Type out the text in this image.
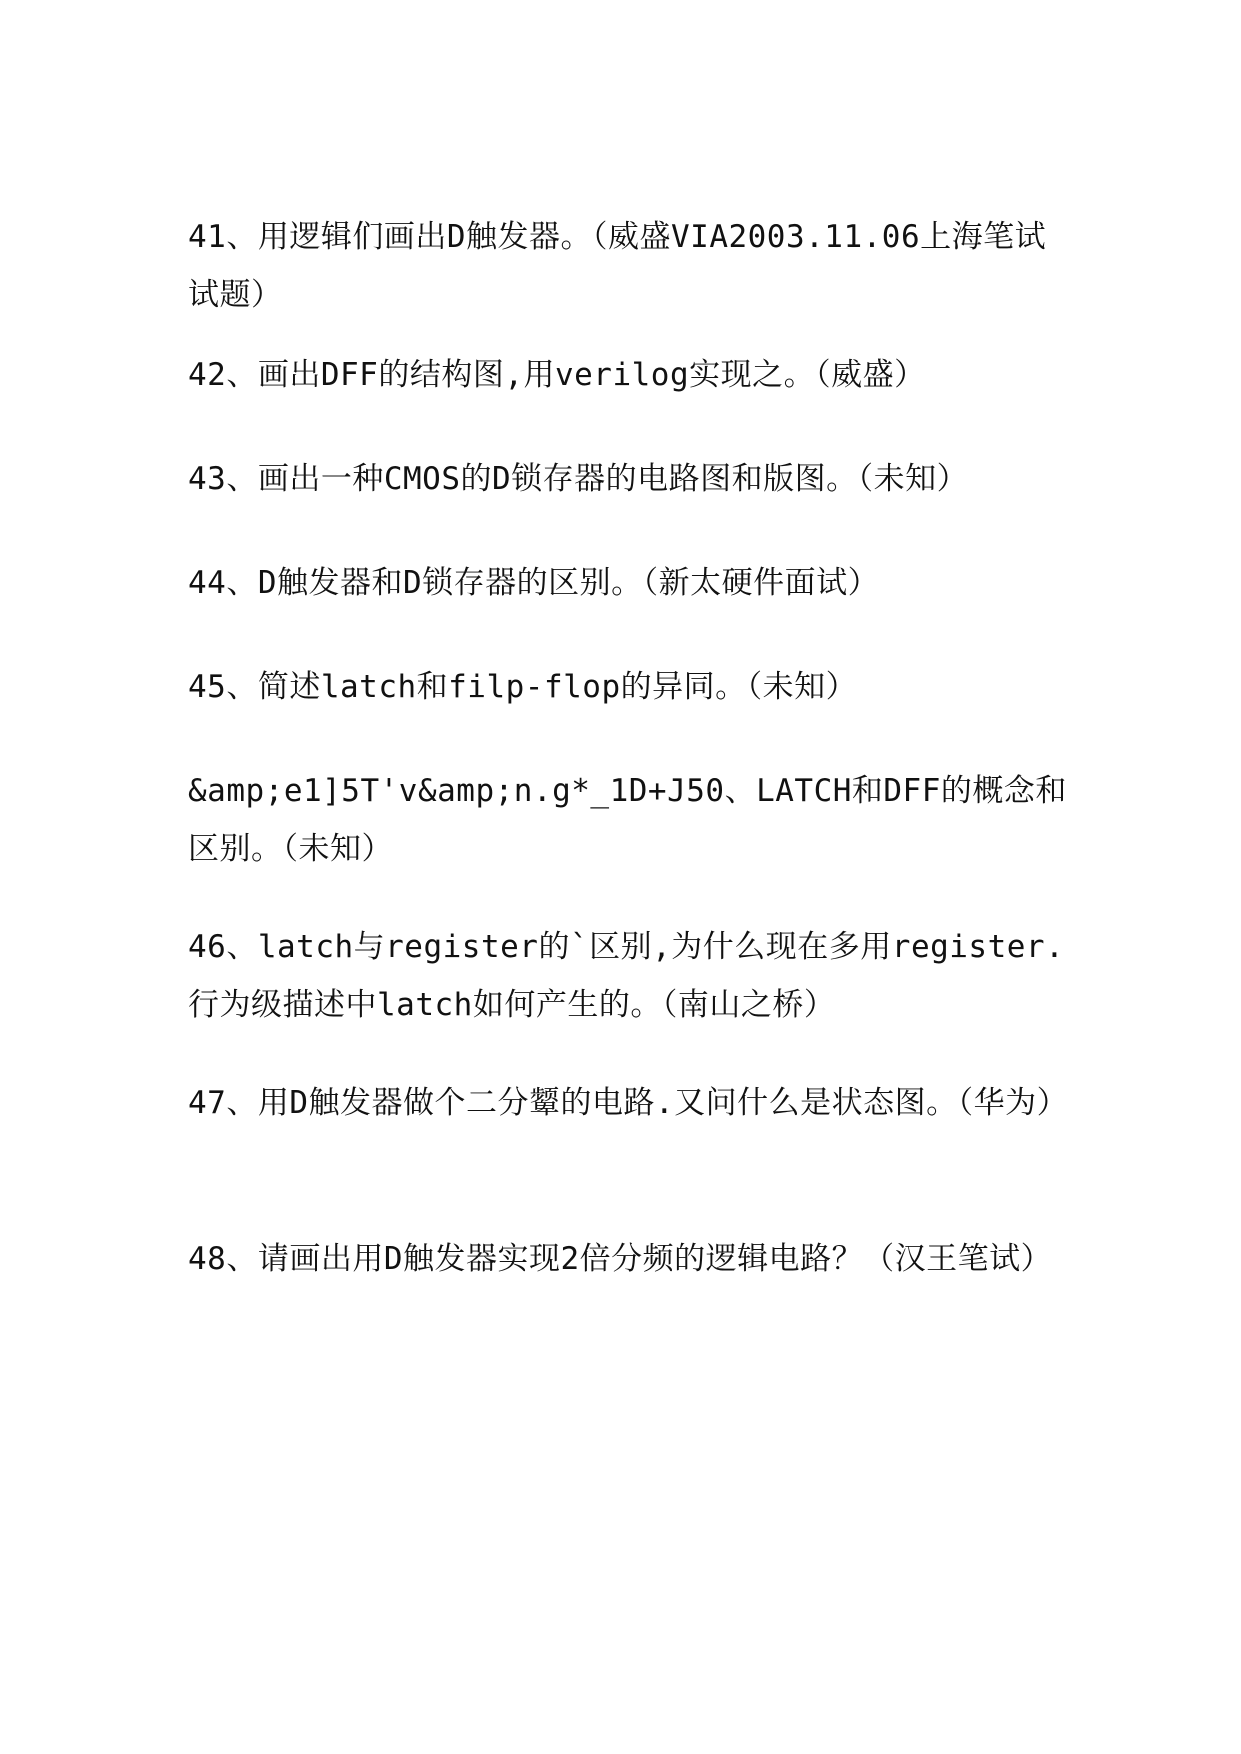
41、用逻辑们画出D触发器。（威盛VIA2003.11.06上海笔试试题）
42、画出DFF的结构图,用verilog实现之。（威盛）
43、画出一种CMOS的D锁存器的电路图和版图。（未知）
44、D触发器和D锁存器的区别。（新太硬件面试）
45、简述latch和filp-flop的异同。（未知）
&amp;e1]5T'v&amp;n.g*_1D+J50、LATCH和DFF的概念和区别。（未知）
46、latch与register的`区别,为什么现在多用register.行为级描述中latch如何产生的。（南山之桥）
47、用D触发器做个二分颦的电路.又问什么是状态图。（华为）
48、请画出用D触发器实现2倍分频的逻辑电路？（汉王笔试）
